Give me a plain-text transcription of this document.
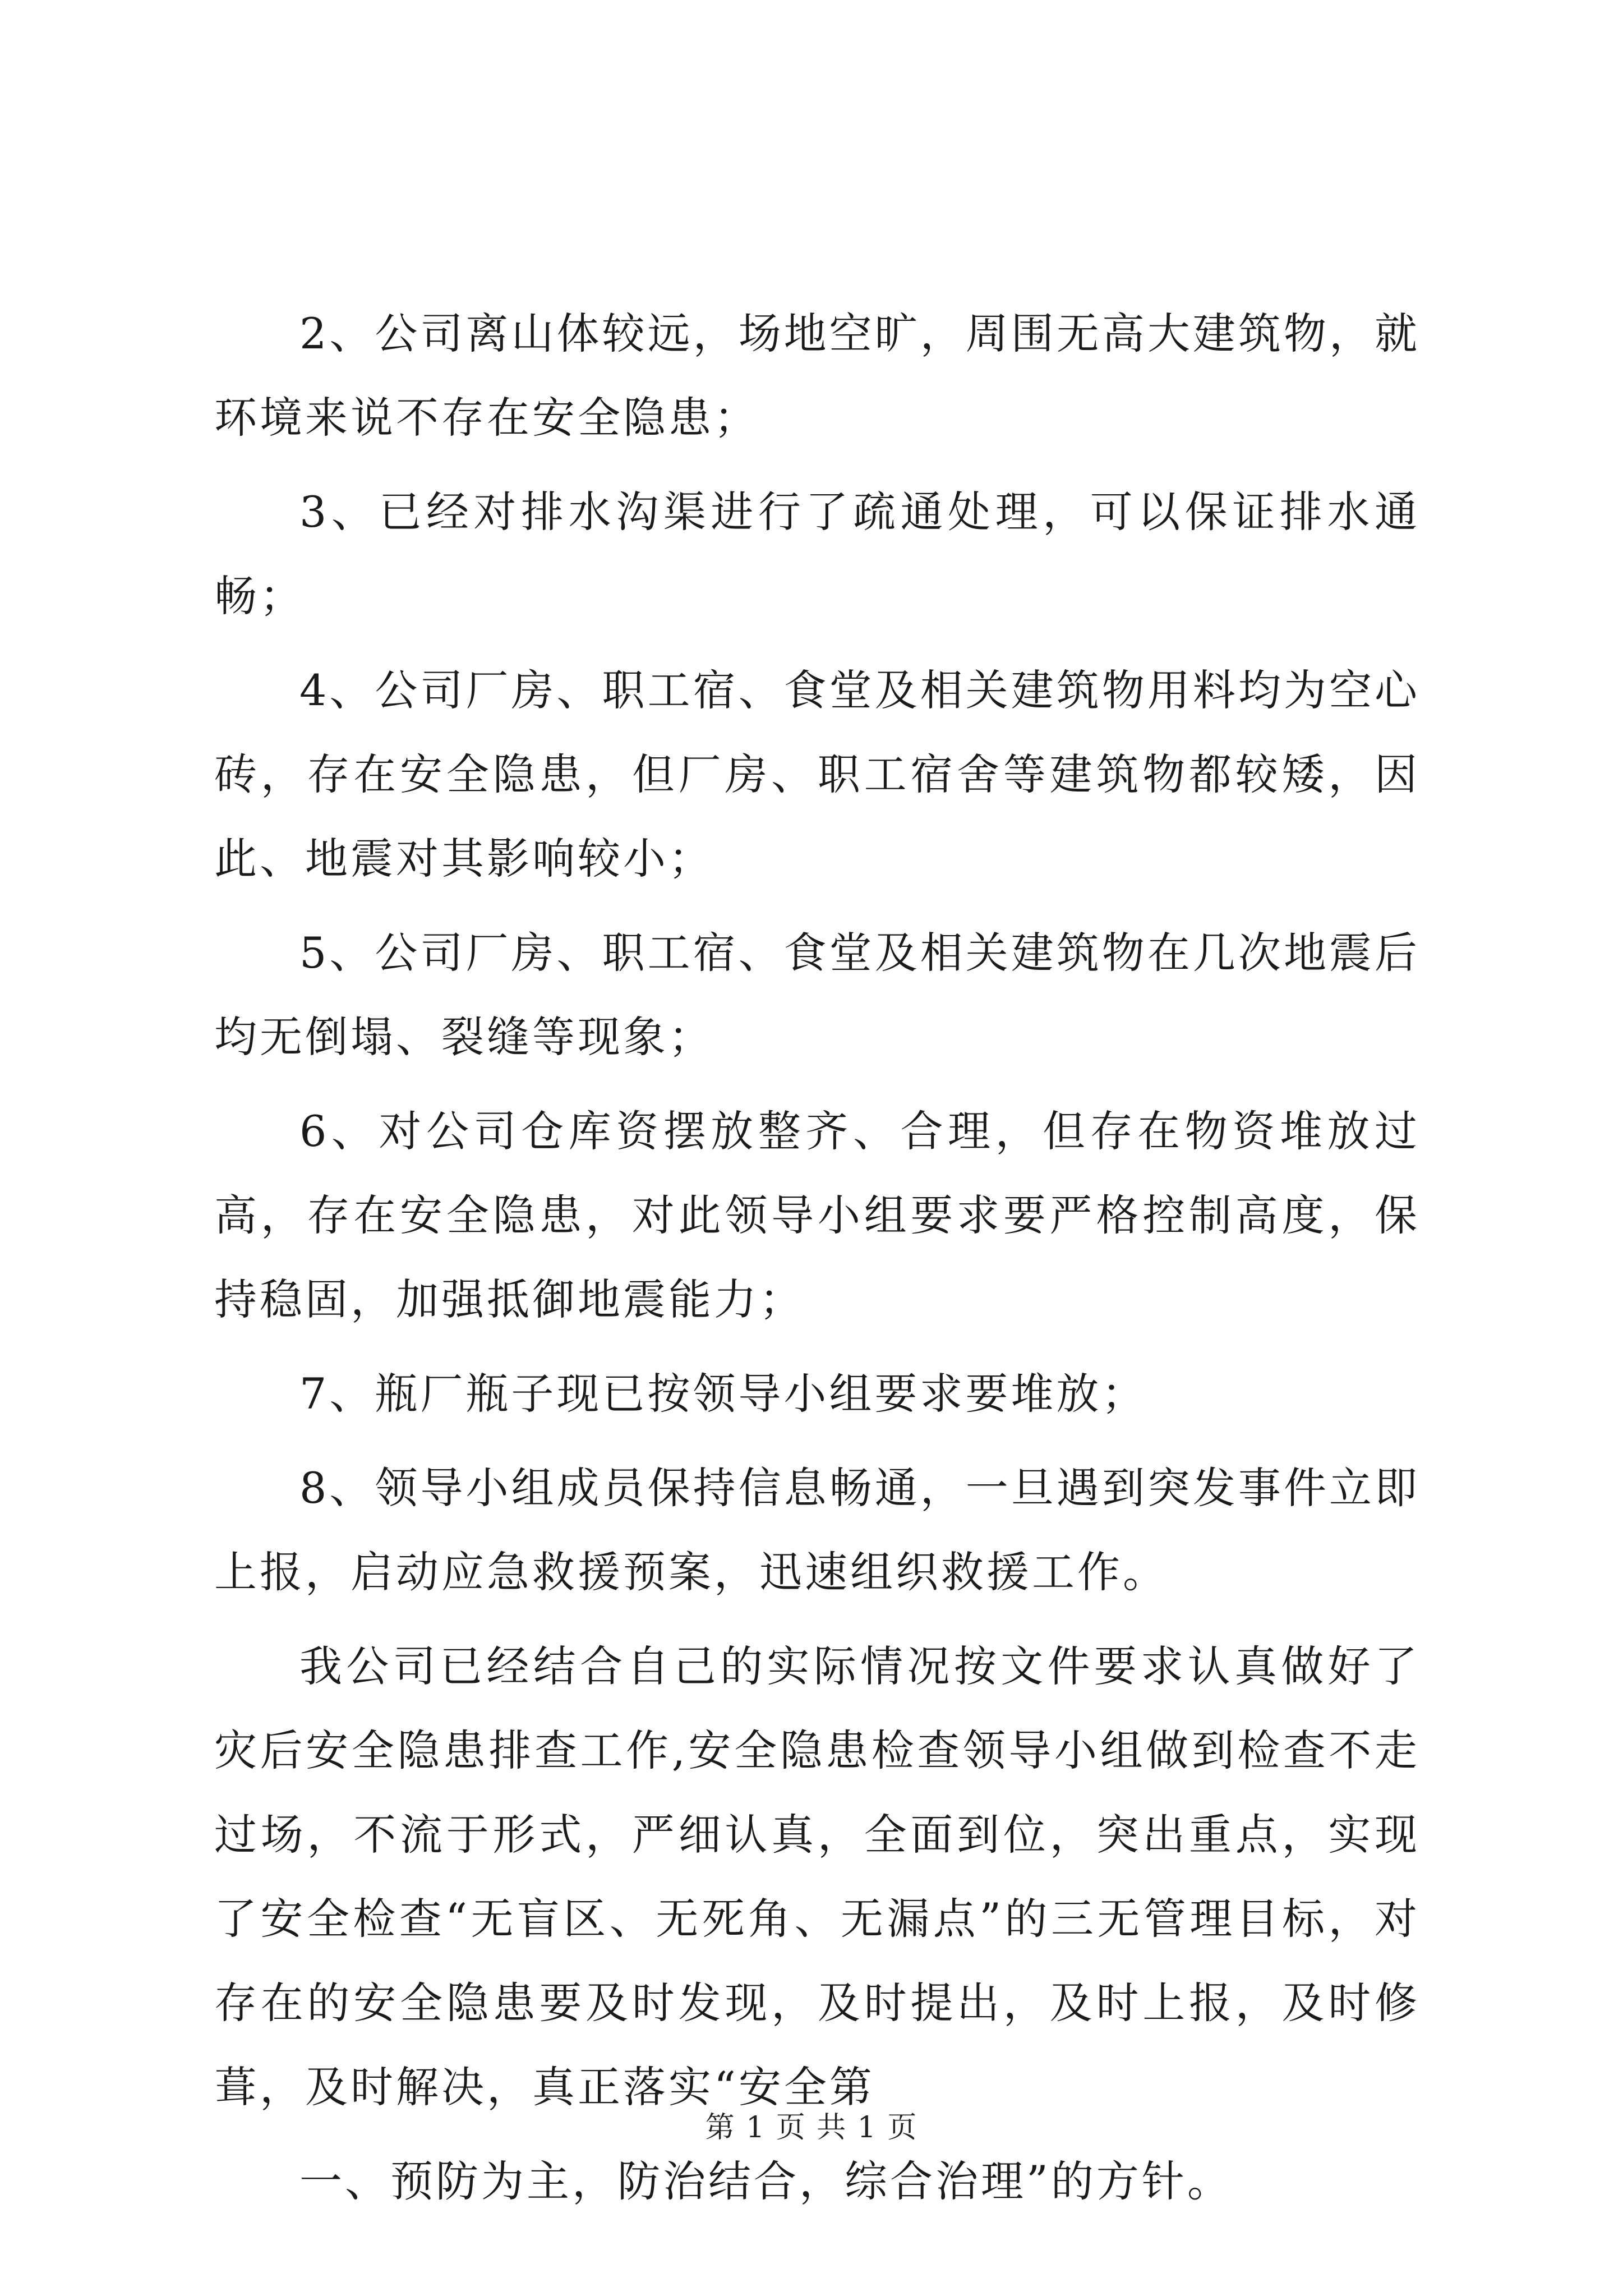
2、公司离山体较远，场地空旷，周围无高大建筑物，就环境来说不存在安全隐患；

3、已经对排水沟渠进行了疏通处理，可以保证排水通畅；

4、公司厂房、职工宿、食堂及相关建筑物用料均为空心砖，存在安全隐患，但厂房、职工宿舍等建筑物都较矮，因此、地震对其影响较小；

5、公司厂房、职工宿、食堂及相关建筑物在几次地震后均无倒塌、裂缝等现象；

6、对公司仓库资摆放整齐、合理，但存在物资堆放过高，存在安全隐患，对此领导小组要求要严格控制高度，保持稳固，加强抵御地震能力；

7、瓶厂瓶子现已按领导小组要求要堆放；

8、领导小组成员保持信息畅通，一旦遇到突发事件立即上报，启动应急救援预案，迅速组织救援工作。

我公司已经结合自己的实际情况按文件要求认真做好了灾后安全隐患排查工作,安全隐患检查领导小组做到检查不走过场，不流于形式，严细认真，全面到位，突出重点，实现了安全检查“无盲区、无死角、无漏点”的三无管理目标，对存在的安全隐患要及时发现，及时提出，及时上报，及时修葺，及时解决，真正落实“安全第

一、预防为主，防治结合，综合治理”的方针。

第 1 页 共 1 页
